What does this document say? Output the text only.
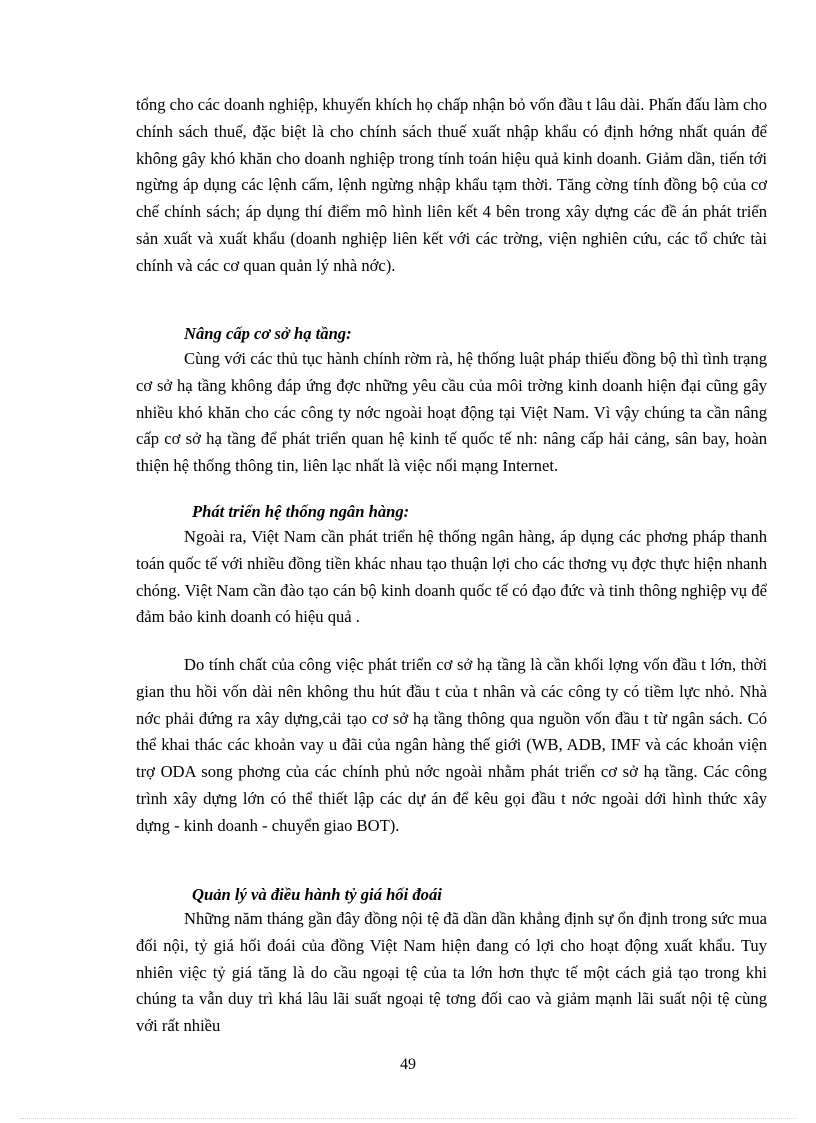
tổng cho các doanh nghiệp, khuyến khích họ chấp nhận bỏ vốn đầu t lâu dài. Phấn đấu làm cho chính sách thuế, đặc biệt là cho chính sách thuế xuất nhập khẩu có định hớng nhất quán để không gây khó khăn cho doanh nghiệp trong tính toán hiệu quả kinh doanh. Giảm dần, tiến tới ngừng áp dụng các lệnh cấm, lệnh ngừng nhập khẩu tạm thời. Tăng cờng tính đồng bộ của cơ chế chính sách; áp dụng thí điểm mô hình liên kết 4 bên trong xây dựng các đề án phát triển sản xuất và xuất khẩu (doanh nghiệp liên kết với các trờng, viện nghiên cứu, các tổ chức tài chính và các cơ quan quản lý nhà nớc).

Nâng cấp cơ sở hạ tầng:

Cùng với các thủ tục hành chính rờm rà, hệ thống luật pháp thiếu đồng bộ thì tình trạng cơ sở hạ tầng không đáp ứng đợc những yêu cầu của môi trờng kinh doanh hiện đại cũng gây nhiều khó khăn cho các công ty nớc ngoài hoạt động tại Việt Nam. Vì vậy chúng ta cần nâng cấp cơ sở hạ tầng để phát triển quan hệ kinh tế quốc tế nh: nâng cấp hải cảng, sân bay, hoàn thiện hệ thống thông tin, liên lạc nhất là việc nối mạng Internet.

Phát triển hệ thống ngân hàng:

Ngoài ra, Việt Nam cần phát triển hệ thống ngân hàng, áp dụng các phơng pháp thanh toán quốc tế với nhiều đồng tiền khác nhau tạo thuận lợi cho các thơng vụ đợc thực hiện nhanh chóng. Việt Nam cần đào tạo cán bộ kinh doanh quốc tế có đạo đức và tinh thông nghiệp vụ để đảm bảo kinh doanh có hiệu quả .

Do tính chất của công việc phát triển cơ sở hạ tầng là cần khối lợng vốn đầu t lớn, thời gian thu hồi vốn dài nên không thu hút đầu t của t nhân và các công ty có tiềm lực nhỏ. Nhà nớc phải đứng ra xây dựng,cải tạo cơ sở hạ tầng thông qua nguồn vốn đầu t từ ngân sách. Có thể khai thác các khoản vay u đãi của ngân hàng thế giới (WB, ADB, IMF và các khoản viện trợ ODA song phơng của các chính phủ nớc ngoài nhằm phát triển cơ sở hạ tầng. Các công trình xây dựng lớn có thể thiết lập các dự án để kêu gọi đầu t nớc ngoài dới hình thức xây dựng - kinh doanh - chuyển giao BOT).

Quản lý và điều hành tỷ giá hối đoái

Những năm tháng gần đây đồng nội tệ đã dần dần khẳng định sự ổn định trong sức mua đối nội, tỷ giá hối đoái của đồng Việt Nam hiện đang có lợi cho hoạt động xuất khẩu. Tuy nhiên việc tỷ giá tăng là do cầu ngoại tệ của ta lớn hơn thực tế một cách giả tạo trong khi chúng ta vẫn duy trì khá lâu lãi suất ngoại tệ tơng đối cao và giảm mạnh lãi suất nội tệ cùng với rất nhiều

49
